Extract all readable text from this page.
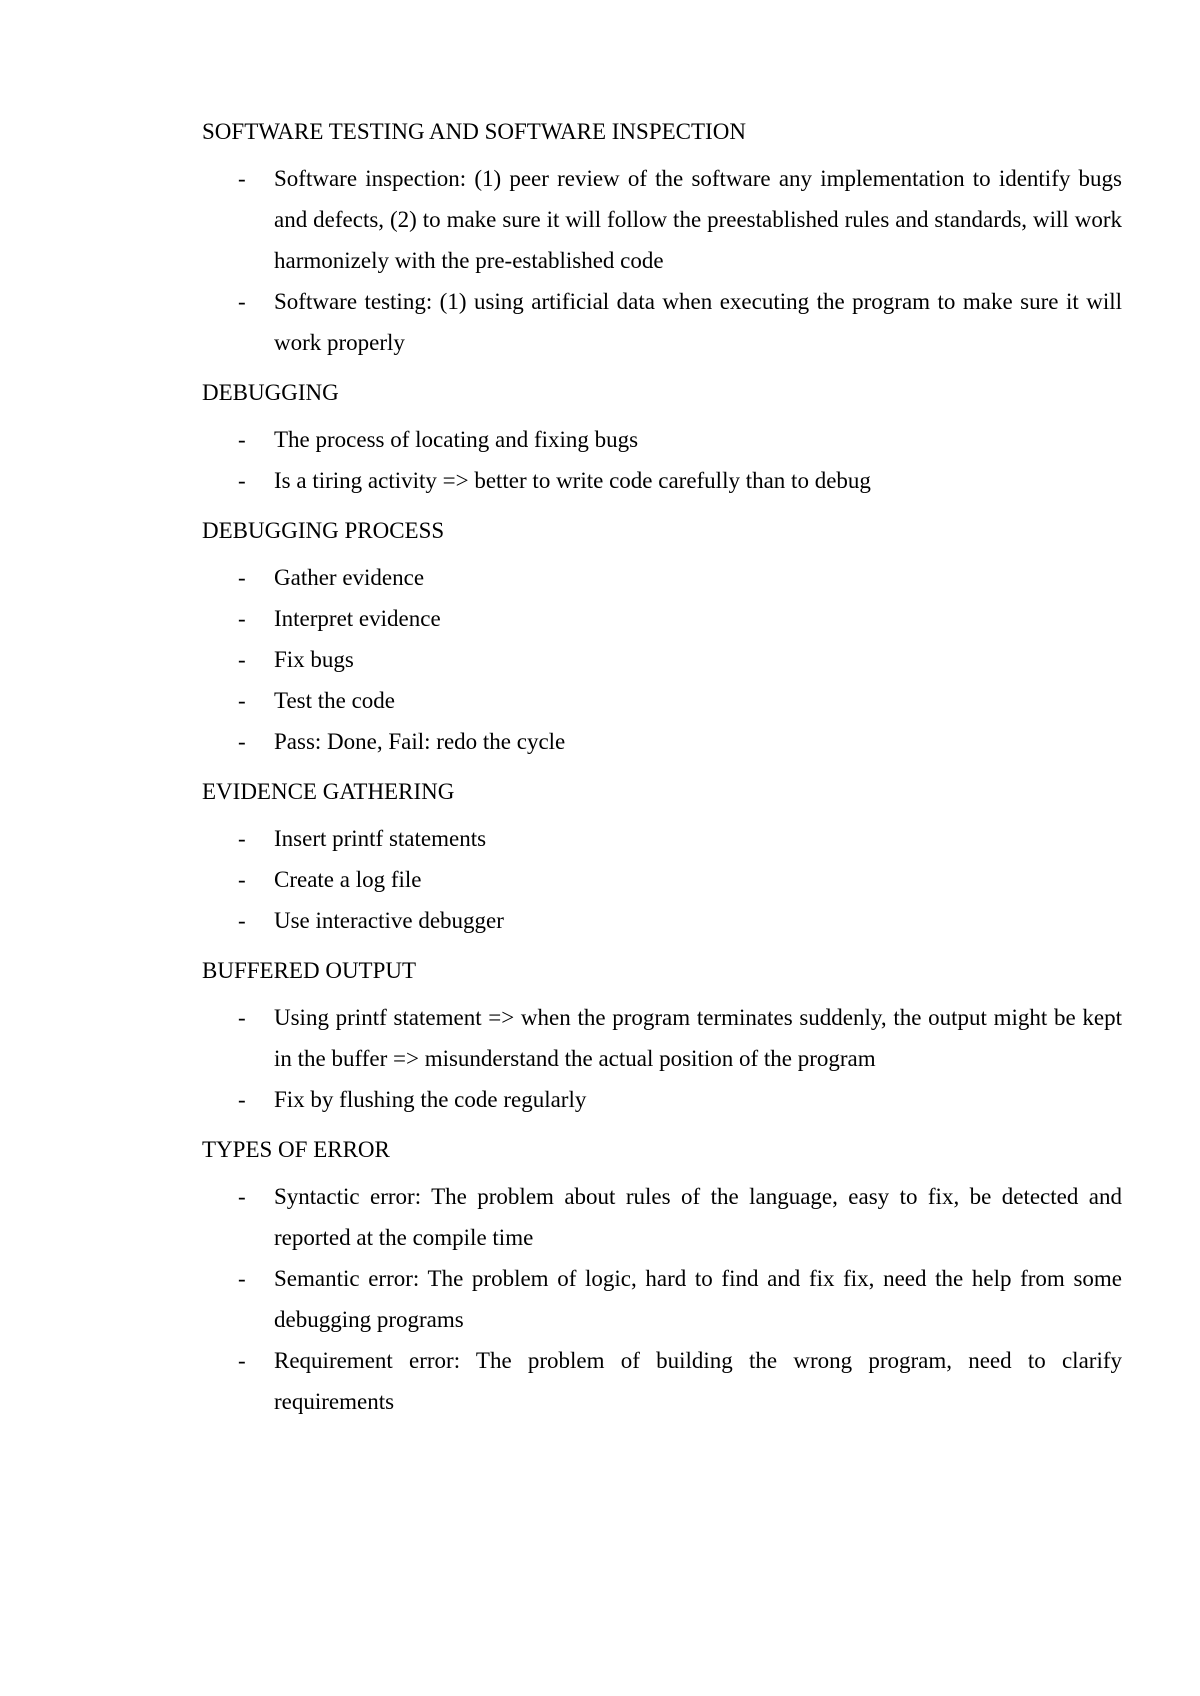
SOFTWARE TESTING AND SOFTWARE INSPECTION
- Software inspection: (1) peer review of the software any implementation to identify bugs and defects, (2) to make sure it will follow the preestablished rules and standards, will work harmonizely with the pre-established code
- Software testing: (1) using artificial data when executing the program to make sure it will work properly
DEBUGGING
- The process of locating and fixing bugs
- Is a tiring activity => better to write code carefully than to debug
DEBUGGING PROCESS
- Gather evidence
- Interpret evidence
- Fix bugs
- Test the code
- Pass: Done, Fail: redo the cycle
EVIDENCE GATHERING
- Insert printf statements
- Create a log file
- Use interactive debugger
BUFFERED OUTPUT
- Using printf statement => when the program terminates suddenly, the output might be kept in the buffer => misunderstand the actual position of the program
- Fix by flushing the code regularly
TYPES OF ERROR
- Syntactic error: The problem about rules of the language, easy to fix, be detected and reported at the compile time
- Semantic error: The problem of logic, hard to find and fix fix, need the help from some debugging programs
- Requirement error: The problem of building the wrong program, need to clarify requirements
